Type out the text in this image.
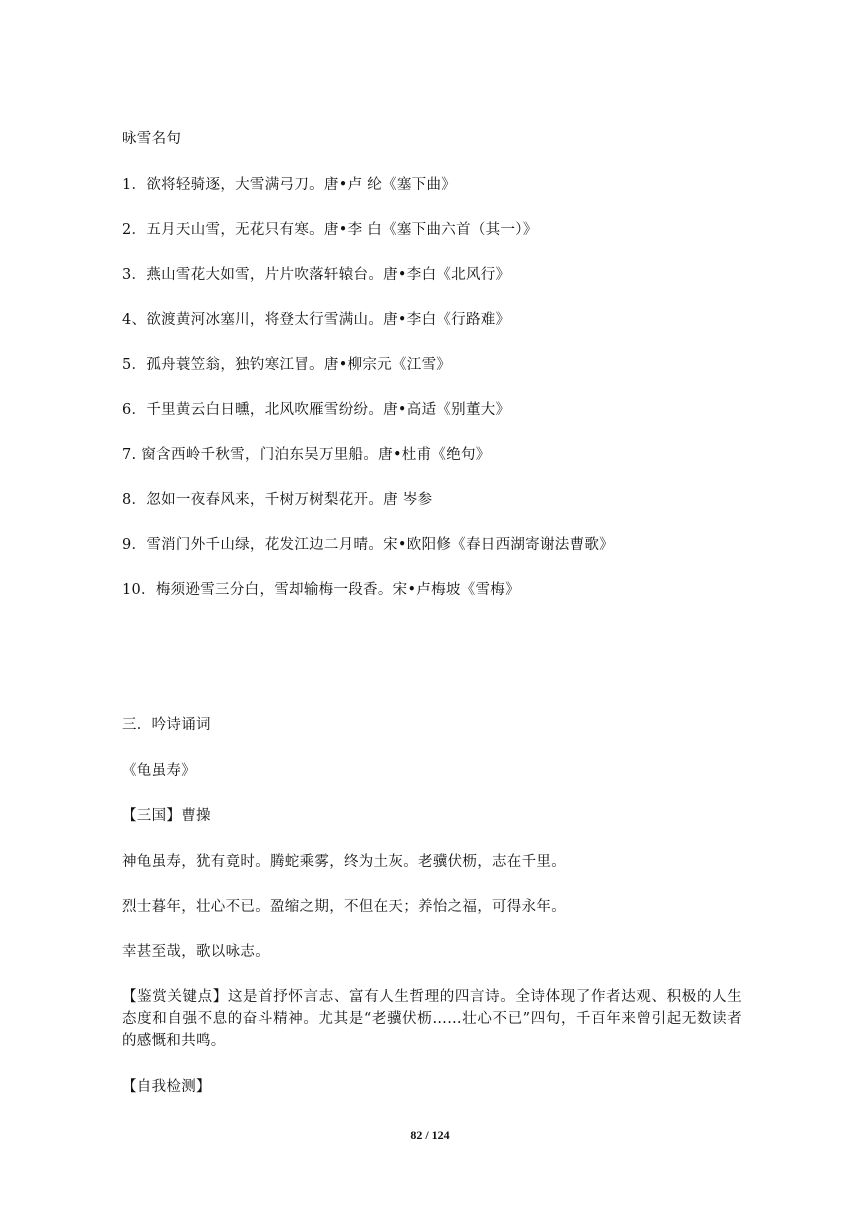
咏雪名句
1．欲将轻骑逐，大雪满弓刀。唐•卢 纶《塞下曲》
2．五月天山雪，无花只有寒。唐•李 白《塞下曲六首（其一）》
3．燕山雪花大如雪，片片吹落轩辕台。唐•李白《北风行》
4、欲渡黄河冰塞川，将登太行雪满山。唐•李白《行路难》
5．孤舟蓑笠翁，独钓寒江冒。唐•柳宗元《江雪》
6．千里黄云白日曛，北风吹雁雪纷纷。唐•高适《别董大》
7. 窗含西岭千秋雪，门泊东吴万里船。唐•杜甫《绝句》
8．忽如一夜春风来，千树万树梨花开。唐 岑参
9．雪消门外千山绿，花发江边二月晴。宋•欧阳修《春日西湖寄谢法曹歌》
10．梅须逊雪三分白，雪却输梅一段香。宋•卢梅坡《雪梅》
三．吟诗诵词
《龟虽寿》
【三国】曹操
神龟虽寿，犹有竟时。腾蛇乘雾，终为土灰。老骥伏枥，志在千里。
烈士暮年，壮心不已。盈缩之期，不但在天；养怡之福，可得永年。
幸甚至哉，歌以咏志。
【鉴赏关键点】这是首抒怀言志、富有人生哲理的四言诗。全诗体现了作者达观、积极的人生态度和自强不息的奋斗精神。尤其是“老骥伏枥……壮心不已”四句，千百年来曾引起无数读者的感慨和共鸣。
【自我检测】
82 / 124
